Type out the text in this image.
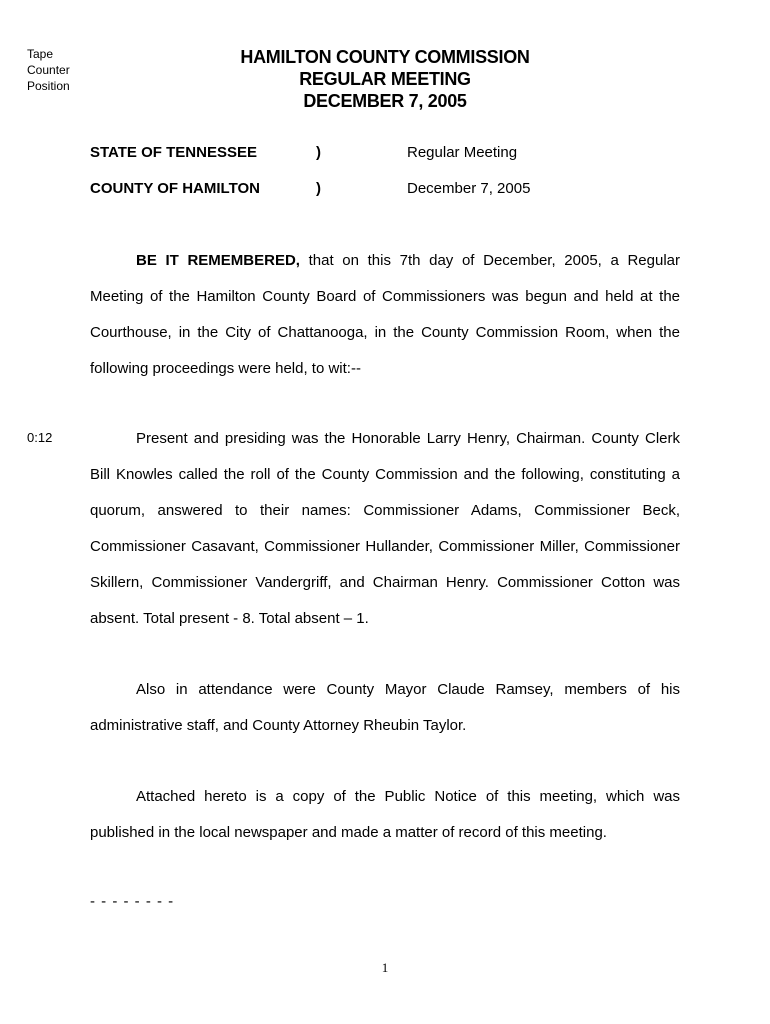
Tape
Counter
Position
HAMILTON COUNTY COMMISSION
REGULAR MEETING
DECEMBER 7, 2005
STATE OF TENNESSEE	)	Regular Meeting
COUNTY OF HAMILTON	)	December 7, 2005
BE IT REMEMBERED, that on this 7th day of December, 2005, a Regular Meeting of the Hamilton County Board of Commissioners was begun and held at the Courthouse, in the City of Chattanooga, in the County Commission Room, when the following proceedings were held, to wit:--
0:12	Present and presiding was the Honorable Larry Henry, Chairman. County Clerk Bill Knowles called the roll of the County Commission and the following, constituting a quorum, answered to their names: Commissioner Adams, Commissioner Beck, Commissioner Casavant, Commissioner Hullander, Commissioner Miller, Commissioner Skillern, Commissioner Vandergriff, and Chairman Henry. Commissioner Cotton was absent. Total present - 8. Total absent – 1.
Also in attendance were County Mayor Claude Ramsey, members of his administrative staff, and County Attorney Rheubin Taylor.
Attached hereto is a copy of the Public Notice of this meeting, which was published in the local newspaper and made a matter of record of this meeting.
- - - - - - - -
1
